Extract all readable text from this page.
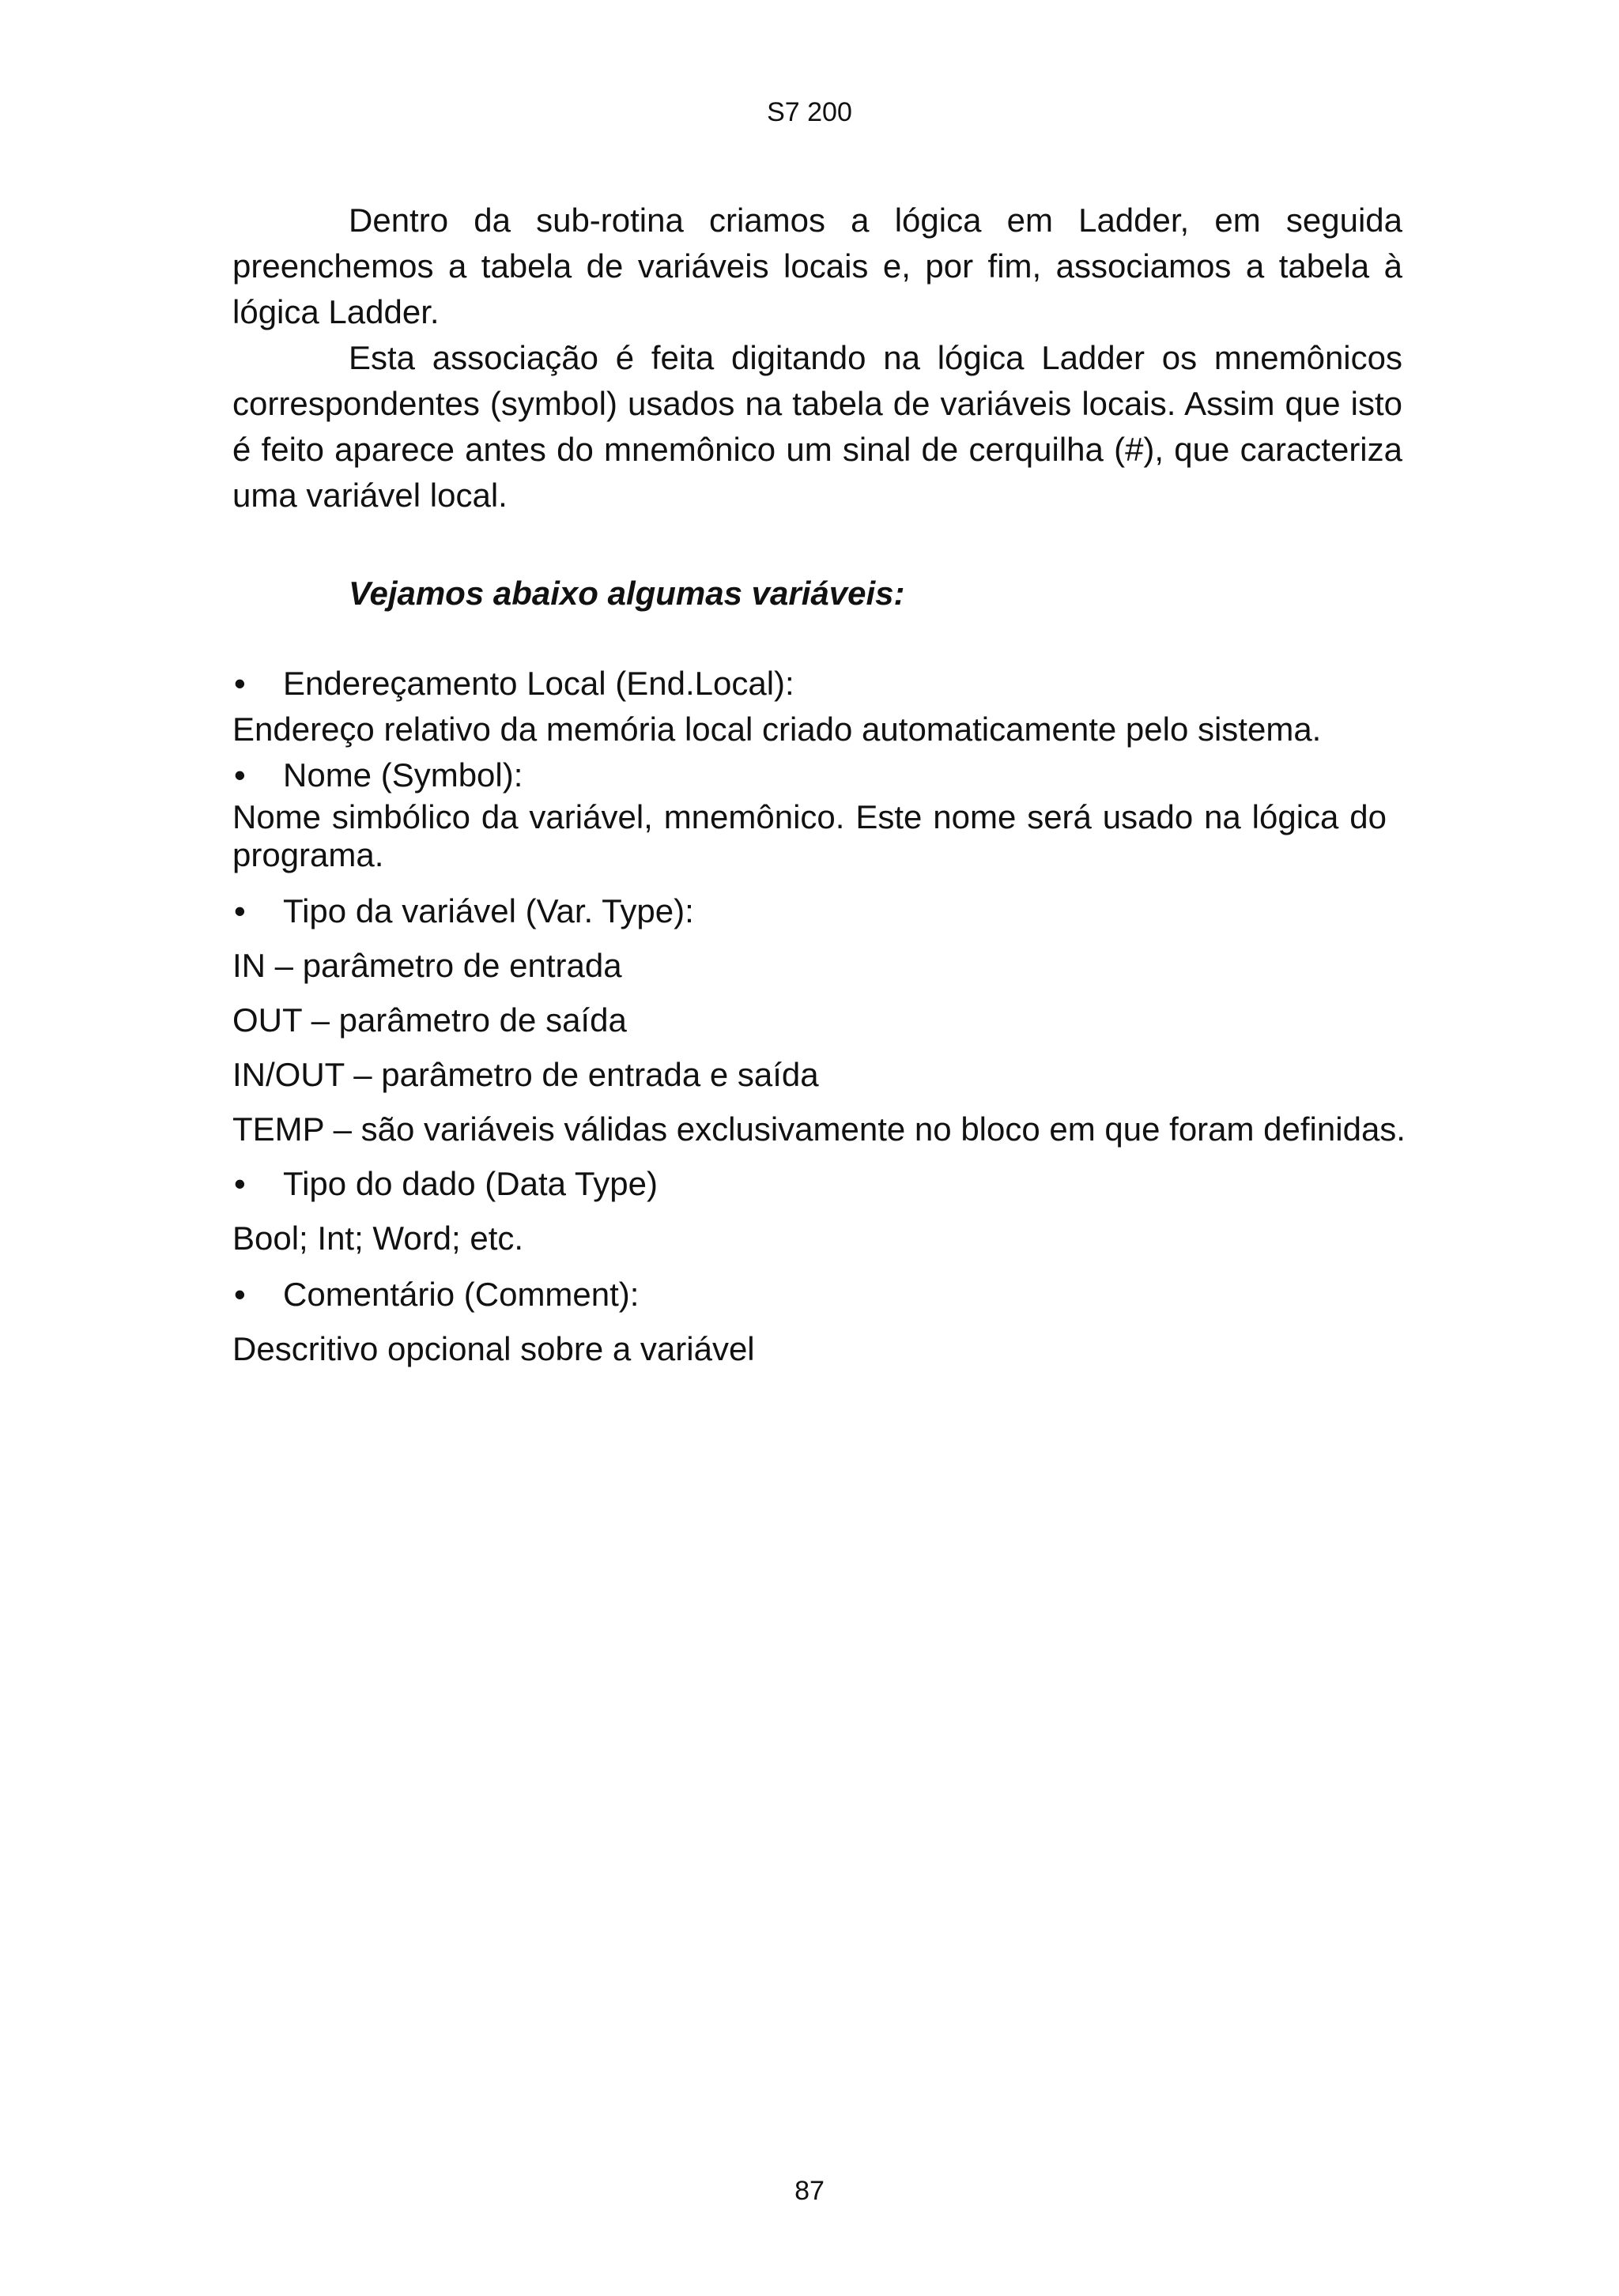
S7 200

Dentro da sub-rotina criamos a lógica em Ladder, em seguida preenchemos a tabela de variáveis locais e, por fim, associamos a tabela à lógica Ladder.

Esta associação é feita digitando na lógica Ladder os mnemônicos correspondentes (symbol) usados na tabela de variáveis locais. Assim que isto é feito aparece antes do mnemônico um sinal de cerquilha (#), que caracteriza uma variável local.

Vejamos abaixo algumas variáveis:
• Endereçamento Local (End.Local):
Endereço relativo da memória local criado automaticamente pelo sistema.
• Nome (Symbol):
Nome simbólico da variável, mnemônico. Este nome será usado na lógica do programa.
• Tipo da variável (Var. Type):
IN – parâmetro de entrada
OUT – parâmetro de saída
IN/OUT – parâmetro de entrada e saída
TEMP – são variáveis válidas exclusivamente no bloco em que foram definidas.
• Tipo do dado (Data Type)
Bool; Int; Word; etc.
• Comentário (Comment):
Descritivo opcional sobre a variável
87
